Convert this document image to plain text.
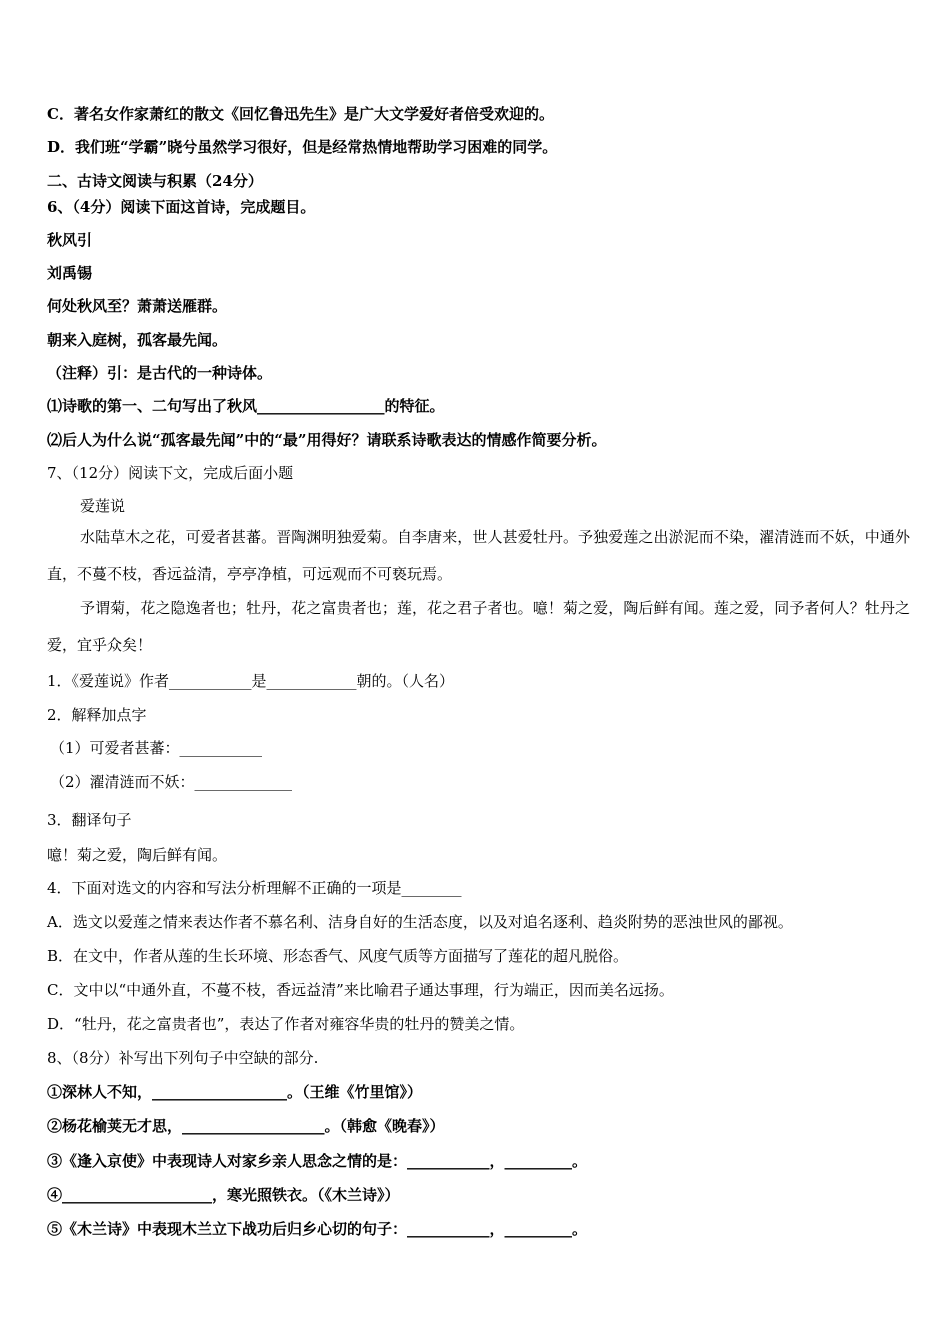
C．著名女作家萧红的散文《回忆鲁迅先生》是广大文学爱好者倍受欢迎的。
D．我们班“学霸”晓兮虽然学习很好，但是经常热情地帮助学习困难的同学。
二、古诗文阅读与积累（24分）
6、（4分）阅读下面这首诗，完成题目。
秋风引
刘禹锡
何处秋风至？萧萧送雁群。
朝来入庭树，孤客最先闻。
（注释）引：是古代的一种诗体。
⑴诗歌的第一、二句写出了秋风_________________的特征。
⑵后人为什么说“孤客最先闻”中的“最”用得好？请联系诗歌表达的情感作简要分析。
7、（12分）阅读下文，完成后面小题
爱莲说
水陆草木之花，可爱者甚蕃。晋陶渊明独爱菊。自李唐来，世人甚爱牡丹。予独爱莲之出淤泥而不染，濯清涟而不妖，中通外直，不蔓不枝，香远益清，亭亭净植，可远观而不可亵玩焉。
予谓菊，花之隐逸者也；牡丹，花之富贵者也；莲，花之君子者也。噫！菊之爱，陶后鲜有闻。莲之爱，同予者何人？牡丹之爱，宜乎众矣！
1．《爱莲说》作者___________是____________朝的。（人名）
2．解释加点字
（1）可爱者甚蕃：___________
（2）濯清涟而不妖：_____________
3．翻译句子
噫！菊之爱，陶后鲜有闻。
4．下面对选文的内容和写法分析理解不正确的一项是________
A．选文以爱莲之情来表达作者不慕名利、洁身自好的生活态度，以及对追名逐利、趋炎附势的恶浊世风的鄙视。
B．在文中，作者从莲的生长环境、形态香气、风度气质等方面描写了莲花的超凡脱俗。
C．文中以“中通外直，不蔓不枝，香远益清”来比喻君子通达事理，行为端正，因而美名远扬。
D．“牡丹，花之富贵者也”，表达了作者对雍容华贵的牡丹的赞美之情。
8、（8分）补写出下列句子中空缺的部分.
①深林人不知，__________________。（王维《竹里馆》）
②杨花榆荚无才思，___________________。（韩愈《晚春》）
③《逢入京使》中表现诗人对家乡亲人思念之情的是：___________，_________。
④____________________，寒光照铁衣。（《木兰诗》）
⑤《木兰诗》中表现木兰立下战功后归乡心切的句子：___________，_________。
